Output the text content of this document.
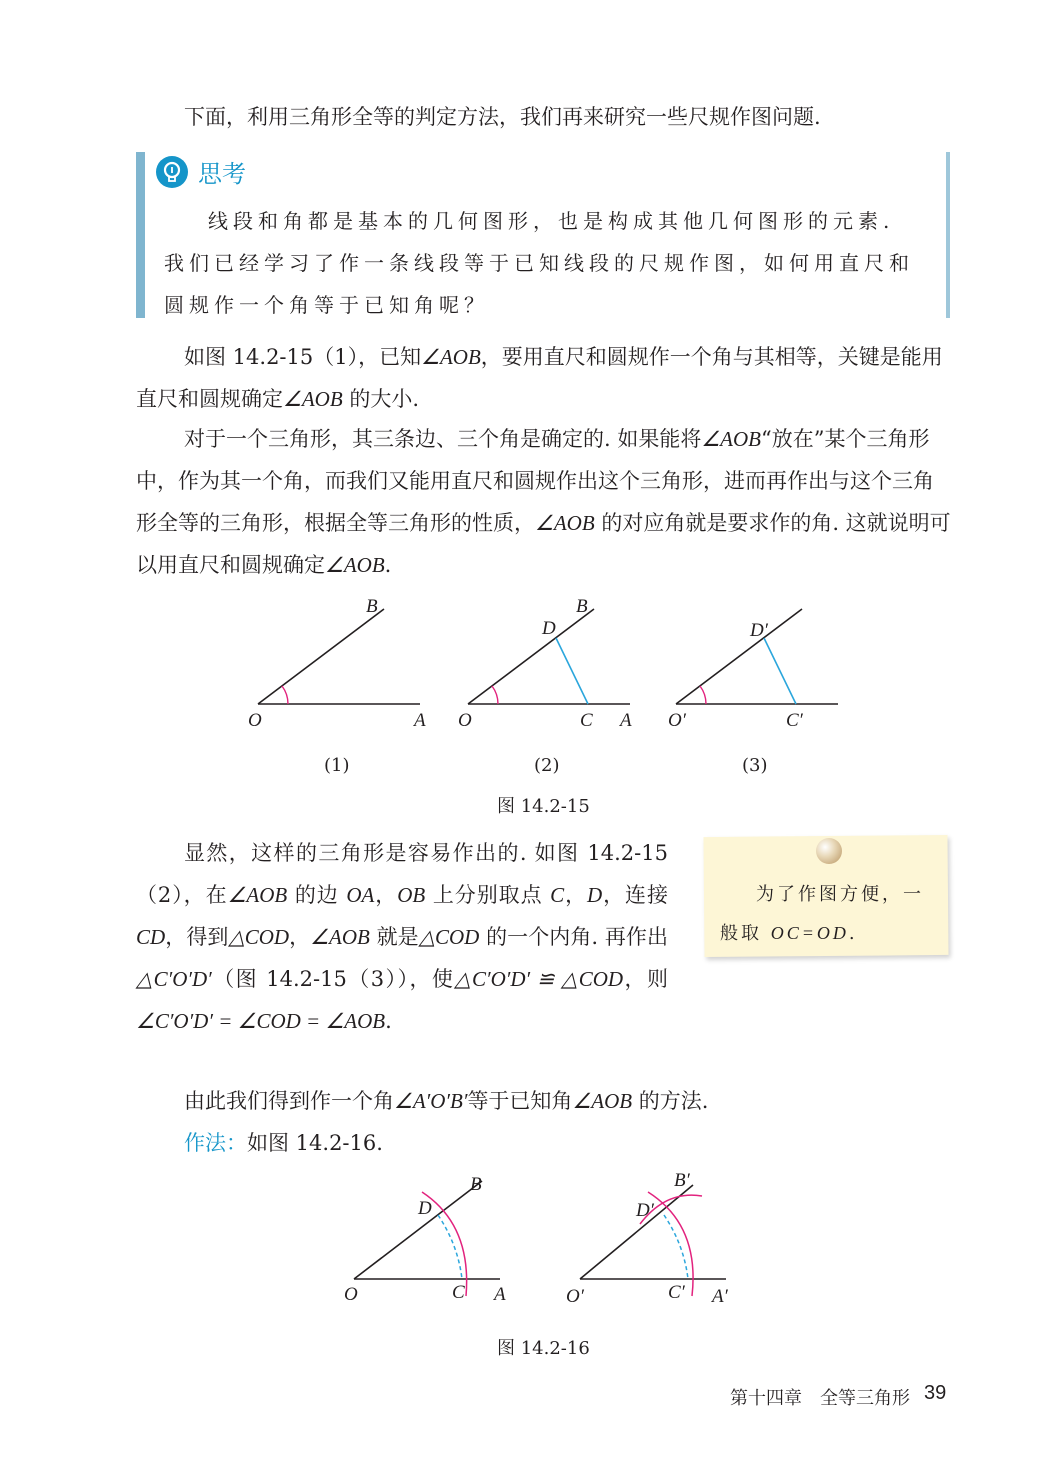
下面，利用三角形全等的判定方法，我们再来研究一些尺规作图问题.

思考

线段和角都是基本的几何图形，也是构成其他几何图形的元素. 我们已经学习了作一条线段等于已知线段的尺规作图，如何用直尺和圆规作一个角等于已知角呢？

如图 14.2-15（1），已知∠AOB，要用直尺和圆规作一个角与其相等，关键是能用直尺和圆规确定∠AOB 的大小.

对于一个三角形，其三条边、三个角是确定的. 如果能将∠AOB“放在”某个三角形中，作为其一个角，而我们又能用直尺和圆规作出这个三角形，进而再作出与这个三角形全等的三角形，根据全等三角形的性质，∠AOB 的对应角就是要求作的角. 这就说明可以用直尺和圆规确定∠AOB.

O	A
B
O	C A
B
D
O′	C′
D′
(1)	(2)	(3)
图 14.2-15

显然，这样的三角形是容易作出的. 如图 14.2-15（2），在∠AOB 的边 OA，OB 上分别取点 C，D，连接 CD，得到△COD，∠AOB 就是△COD 的一个内角. 再作出△C′O′D′（图 14.2-15（3）），使△C′O′D′ ≌ △COD，则∠C′O′D′ = ∠COD = ∠AOB.

为了作图方便，一般取 OC=OD.

由此我们得到作一个角∠A′O′B′等于已知角∠AOB 的方法.

作法：如图 14.2-16.

O	C A
B
D
O′	C′ A′
B′
D′
图 14.2-16
第十四章　全等三角形 39
